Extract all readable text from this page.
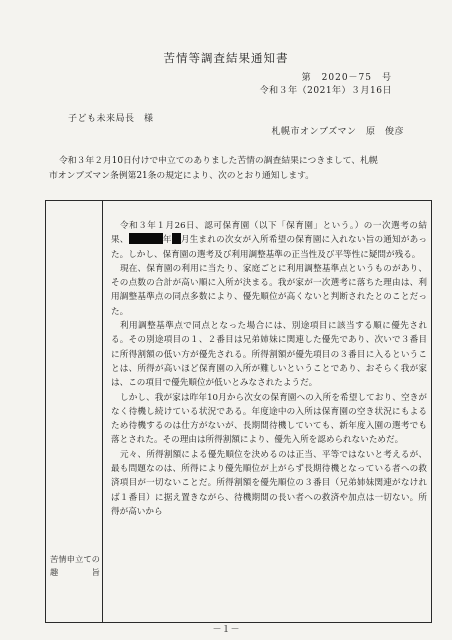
苦情等調査結果通知書
第　2020－75　号
令和３年（2021年）３月16日
子ども未来局長　様
札幌市オンブズマン　原　俊彦
令和３年２月10日付けで申立てのありました苦情の調査結果につきまして、札幌市オンブズマン条例第21条の規定により、次のとおり通知します。
苦情申立ての趣旨

令和３年１月26日、認可保育園（以下「保育園」という。）の一次選考の結果、	年 月生まれの次女が入所希望の保育園に入れない旨の通知があった。しかし、保育園の選考及び利用調整基準の正当性及び平等性に疑問が残る。

現在、保育園の利用に当たり、家庭ごとに利用調整基準点というものがあり、その点数の合計が高い順に入所が決まる。我が家が一次選考に落ちた理由は、利用調整基準点の同点多数により、優先順位が高くないと判断されたとのことだった。

利用調整基準点で同点となった場合には、別途項目に該当する順に優先される。その別途項目の１、２番目は兄弟姉妹に関連した優先であり、次いで３番目に所得割額の低い方が優先される。所得割額が優先項目の３番目に入るということは、所得が高いほど保育園の入所が難しいということであり、おそらく我が家は、この項目で優先順位が低いとみなされたようだ。

しかし、我が家は昨年10月から次女の保育園への入所を希望しており、空きがなく待機し続けている状況である。年度途中の入所は保育園の空き状況にもよるため待機するのは仕方がないが、長期間待機していても、新年度入園の選考でも落とされた。その理由は所得割額により、優先入所を認められないためだ。

元々、所得割額による優先順位を決めるのは正当、平等ではないと考えるが、最も問題なのは、所得により優先順位が上がらず長期待機となっている者への救済項目が一切ないことだ。所得割額を優先順位の３番目（兄弟姉妹関連がなければ１番目）に据え置きながら、待機期間の長い者への救済や加点は一切ない。所得が高いから

－１－
